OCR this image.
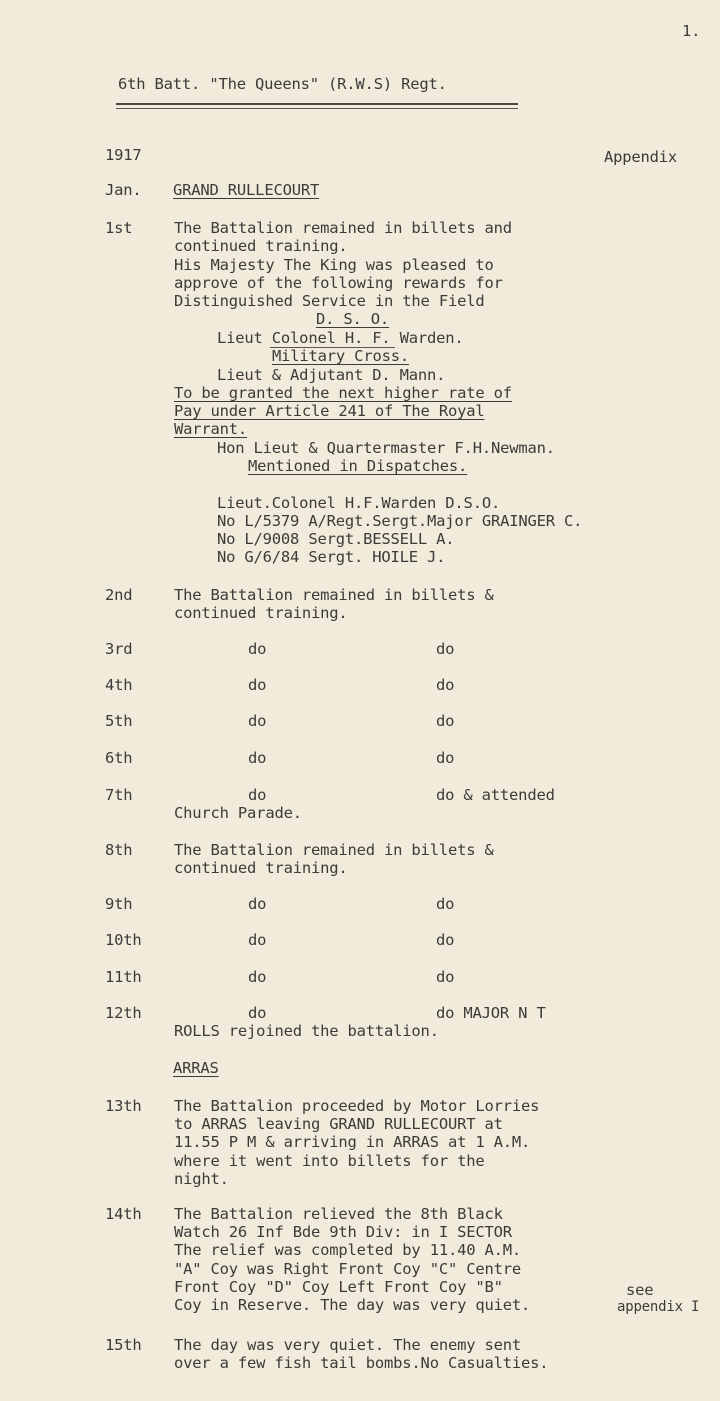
1.
6th Batt. "The Queens" (R.W.S) Regt.
1917	Appendix
Jan. GRAND RULLECOURT
1st	The Battalion remained in billets and
continued training.
His Majesty The King was pleased to
approve of the following rewards for
Distinguished Service in the Field
D. S. O.
Lieut Colonel H. F. Warden.
Military Cross.
Lieut & Adjutant D. Mann.
To be granted the next higher rate of
Pay under Article 241 of The Royal
Warrant.
Hon Lieut & Quartermaster F.H.Newman.
Mentioned in Dispatches.
Lieut.Colonel H.F.Warden D.S.O.
No L/5379 A/Regt.Sergt.Major GRAINGER C.
No L/9008 Sergt.BESSELL A.
No G/6/84 Sergt. HOILE J.
2nd	The Battalion remained in billets &
continued training.
3rd	do	do
4th	do	do
5th	do	do
6th	do	do
7th	do	do & attended
Church Parade.
8th	The Battalion remained in billets &
continued training.
9th	do	do
10th	do	do
11th	do	do
12th	do	do MAJOR N T
ROLLS rejoined the battalion.
ARRAS
13th The Battalion proceeded by Motor Lorries
to ARRAS leaving GRAND RULLECOURT at
11.55 P M & arriving in ARRAS at 1 A.M.
where it went into billets for the
night.
14th The Battalion relieved the 8th Black
Watch 26 Inf Bde 9th Div: in I SECTOR
The relief was completed by 11.40 A.M.
"A" Coy was Right Front Coy "C" Centre
Front Coy "D" Coy Left Front Coy "B"	see
Coy in Reserve. The day was very quiet.	appendix I
15th The day was very quiet. The enemy sent
over a few fish tail bombs.No Casualties.
